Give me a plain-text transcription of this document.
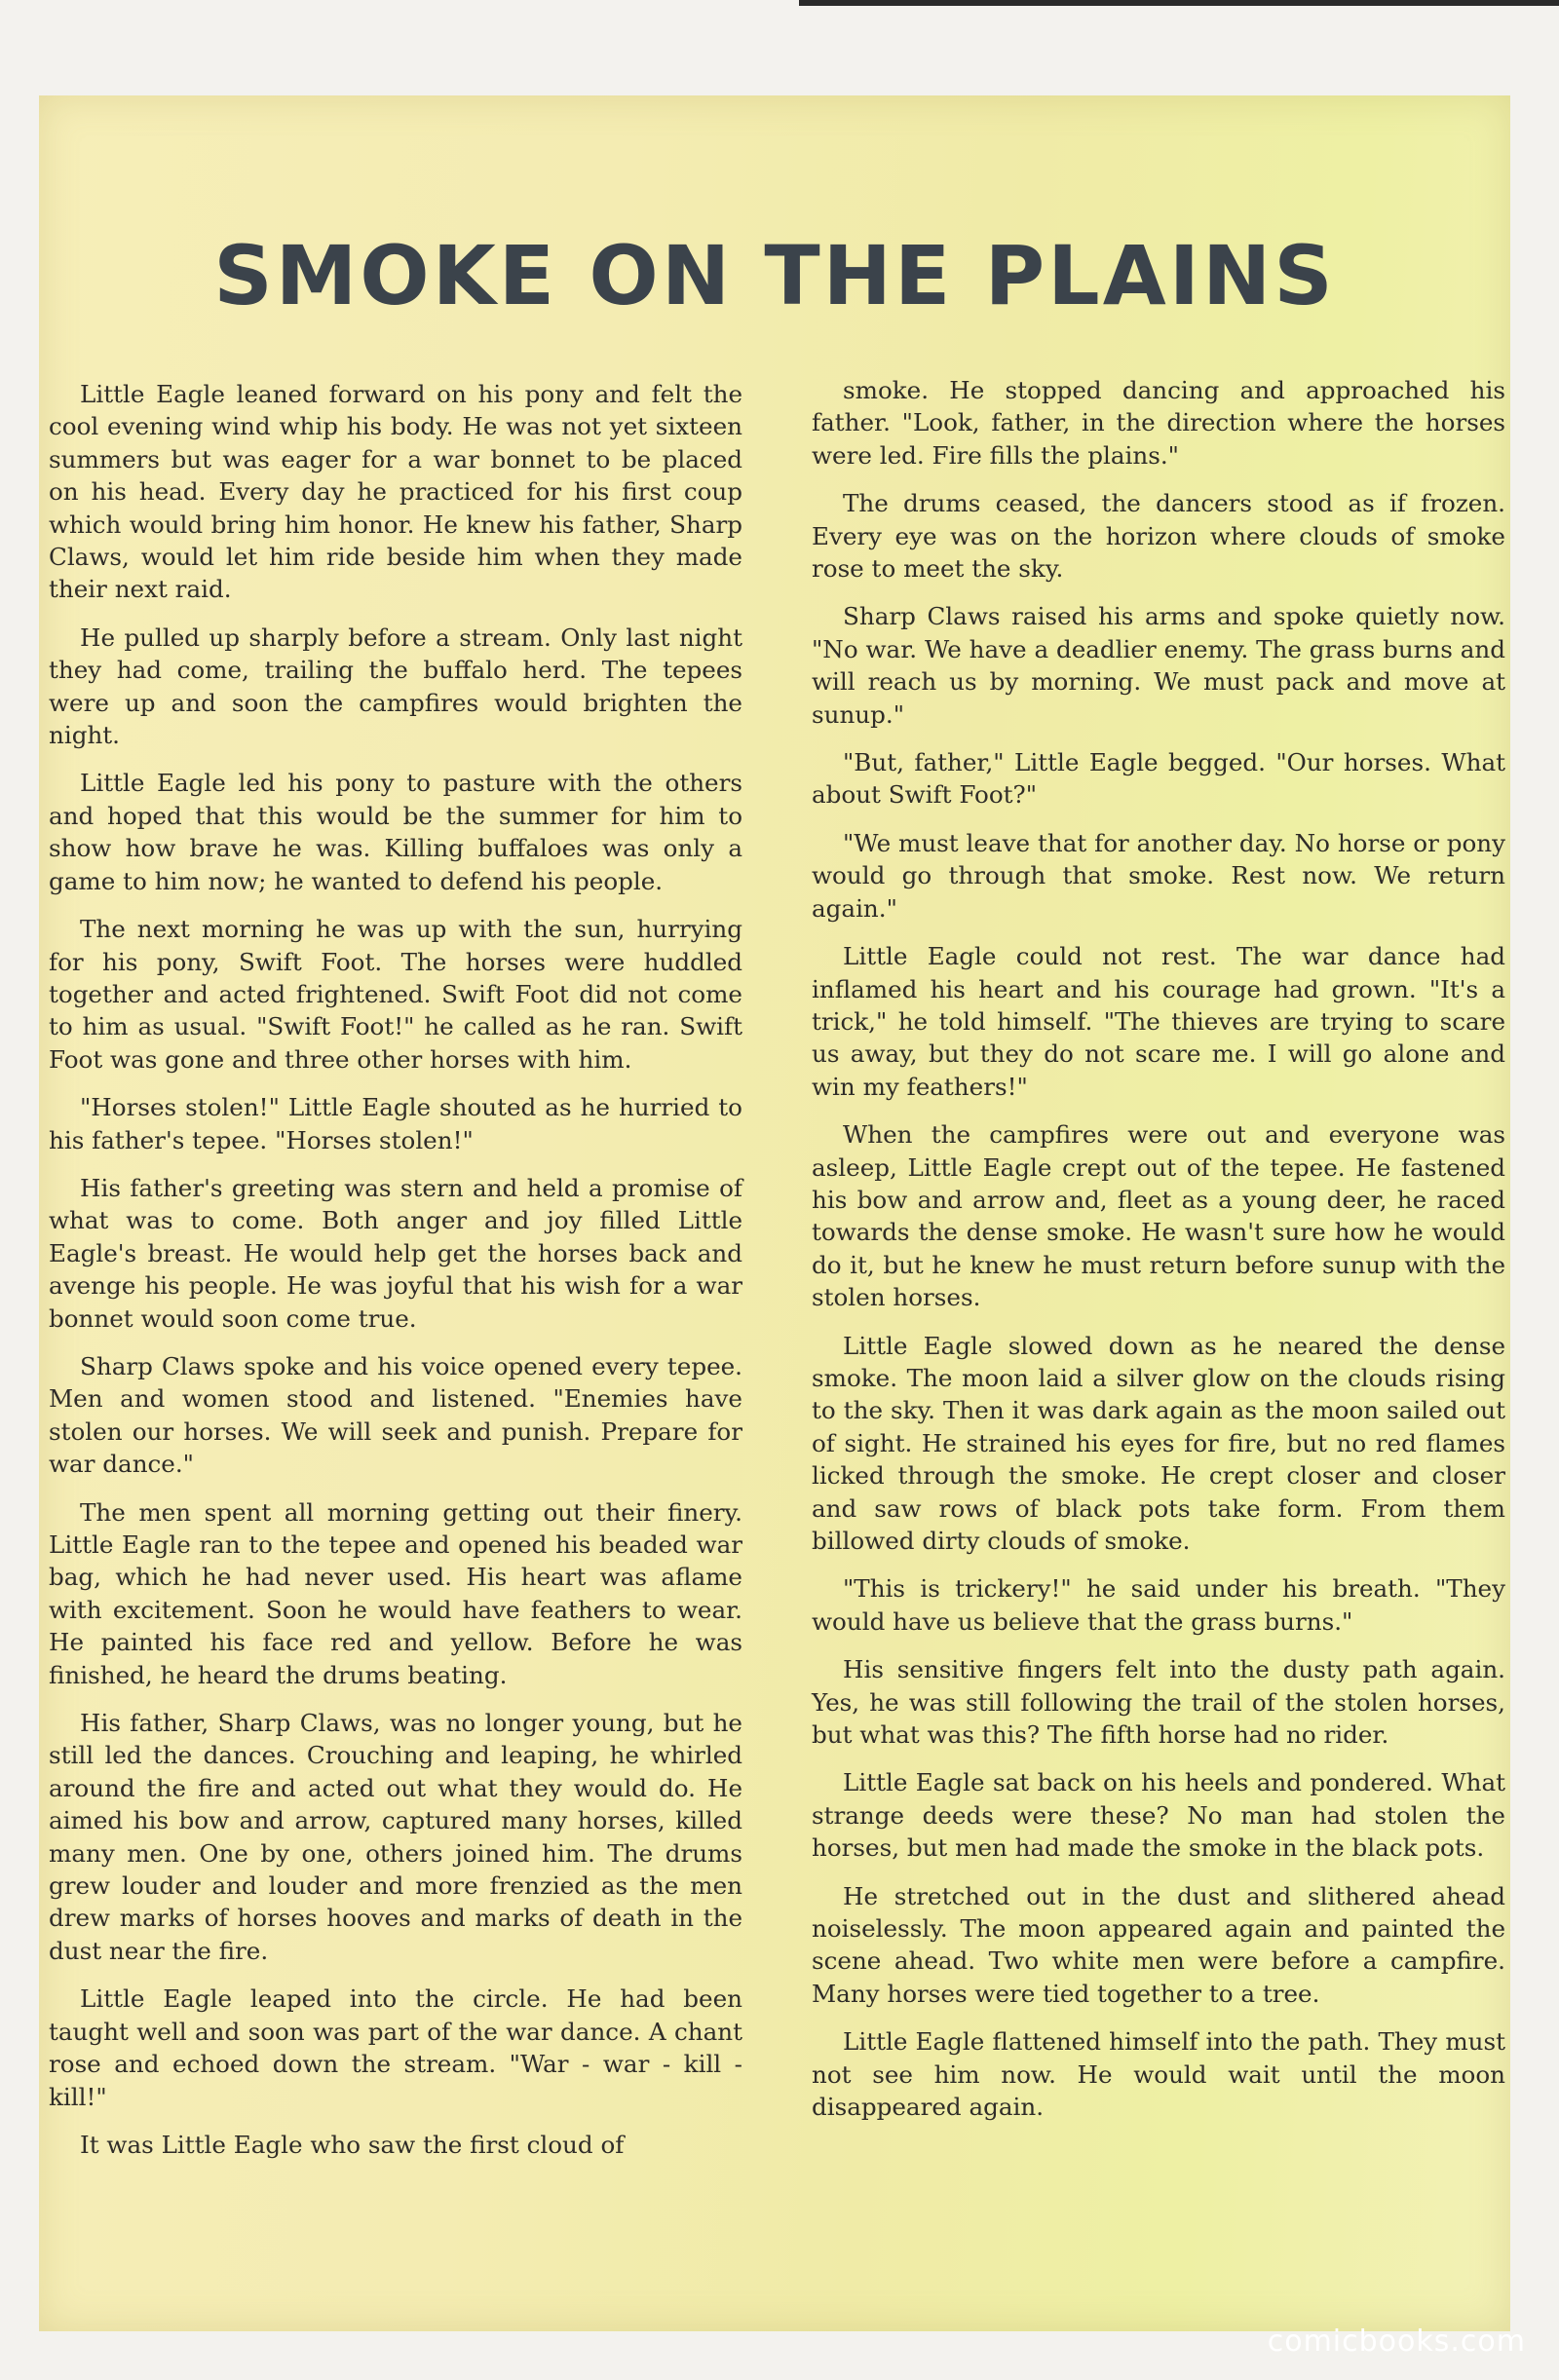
SMOKE ON THE PLAINS

Little Eagle leaned forward on his pony and felt the cool evening wind whip his body. He was not yet sixteen summers but was eager for a war bonnet to be placed on his head. Every day he practiced for his first coup which would bring him honor. He knew his father, Sharp Claws, would let him ride beside him when they made their next raid.

He pulled up sharply before a stream. Only last night they had come, trailing the buffalo herd. The tepees were up and soon the campfires would brighten the night.

Little Eagle led his pony to pasture with the others and hoped that this would be the summer for him to show how brave he was. Killing buffaloes was only a game to him now; he wanted to defend his people.

The next morning he was up with the sun, hurrying for his pony, Swift Foot. The horses were huddled together and acted frightened. Swift Foot did not come to him as usual. "Swift Foot!" he called as he ran. Swift Foot was gone and three other horses with him.

"Horses stolen!" Little Eagle shouted as he hurried to his father's tepee. "Horses stolen!"

His father's greeting was stern and held a promise of what was to come. Both anger and joy filled Little Eagle's breast. He would help get the horses back and avenge his people. He was joyful that his wish for a war bonnet would soon come true.

Sharp Claws spoke and his voice opened every tepee. Men and women stood and listened. "Enemies have stolen our horses. We will seek and punish. Prepare for war dance."

The men spent all morning getting out their finery. Little Eagle ran to the tepee and opened his beaded war bag, which he had never used. His heart was aflame with excitement. Soon he would have feathers to wear. He painted his face red and yellow. Before he was finished, he heard the drums beating.

His father, Sharp Claws, was no longer young, but he still led the dances. Crouching and leaping, he whirled around the fire and acted out what they would do. He aimed his bow and arrow, captured many horses, killed many men. One by one, others joined him. The drums grew louder and louder and more frenzied as the men drew marks of horses hooves and marks of death in the dust near the fire.

Little Eagle leaped into the circle. He had been taught well and soon was part of the war dance. A chant rose and echoed down the stream. "War - war - kill - kill!"

It was Little Eagle who saw the first cloud of

smoke. He stopped dancing and approached his father. "Look, father, in the direction where the horses were led. Fire fills the plains."

The drums ceased, the dancers stood as if frozen. Every eye was on the horizon where clouds of smoke rose to meet the sky.

Sharp Claws raised his arms and spoke quietly now. "No war. We have a deadlier enemy. The grass burns and will reach us by morning. We must pack and move at sunup."

"But, father," Little Eagle begged. "Our horses. What about Swift Foot?"

"We must leave that for another day. No horse or pony would go through that smoke. Rest now. We return again."

Little Eagle could not rest. The war dance had inflamed his heart and his courage had grown. "It's a trick," he told himself. "The thieves are trying to scare us away, but they do not scare me. I will go alone and win my feathers!"

When the campfires were out and everyone was asleep, Little Eagle crept out of the tepee. He fastened his bow and arrow and, fleet as a young deer, he raced towards the dense smoke. He wasn't sure how he would do it, but he knew he must return before sunup with the stolen horses.

Little Eagle slowed down as he neared the dense smoke. The moon laid a silver glow on the clouds rising to the sky. Then it was dark again as the moon sailed out of sight. He strained his eyes for fire, but no red flames licked through the smoke. He crept closer and closer and saw rows of black pots take form. From them billowed dirty clouds of smoke.

"This is trickery!" he said under his breath. "They would have us believe that the grass burns."

His sensitive fingers felt into the dusty path again. Yes, he was still following the trail of the stolen horses, but what was this? The fifth horse had no rider.

Little Eagle sat back on his heels and pondered. What strange deeds were these? No man had stolen the horses, but men had made the smoke in the black pots.

He stretched out in the dust and slithered ahead noiselessly. The moon appeared again and painted the scene ahead. Two white men were before a campfire. Many horses were tied together to a tree.

Little Eagle flattened himself into the path. They must not see him now. He would wait until the moon disappeared again.

comicbooks.com
